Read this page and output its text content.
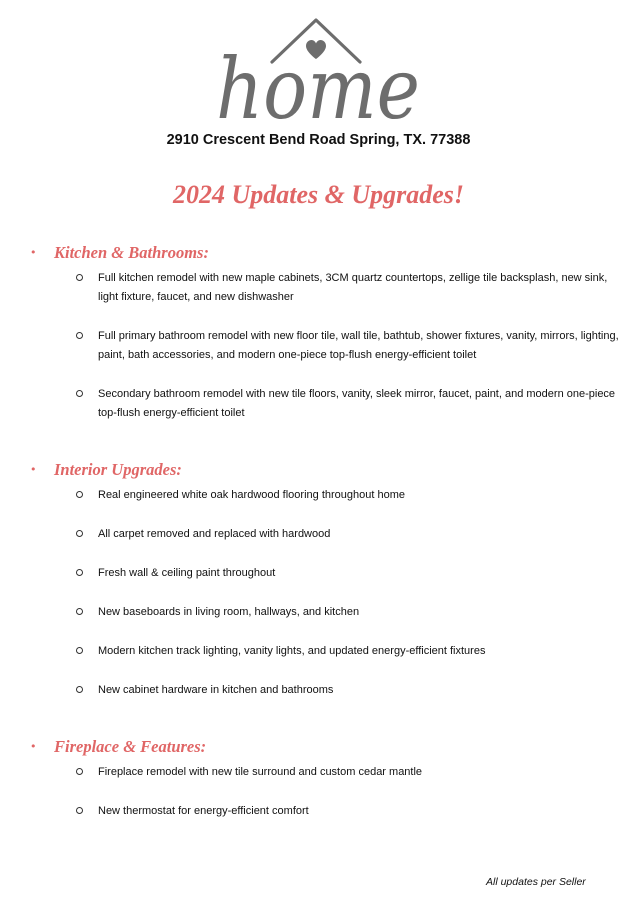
home
2910 Crescent Bend Road Spring, TX. 77388
2024 Updates & Upgrades!
• Kitchen & Bathrooms:
Full kitchen remodel with new maple cabinets, 3CM quartz countertops, zellige tile backsplash, new sink, light fixture, faucet, and new dishwasher
Full primary bathroom remodel with new floor tile, wall tile, bathtub, shower fixtures, vanity, mirrors, lighting, paint, bath accessories, and modern one-piece top-flush energy-efficient toilet
Secondary bathroom remodel with new tile floors, vanity, sleek mirror, faucet, paint, and modern one-piece top-flush energy-efficient toilet
• Interior Upgrades:
Real engineered white oak hardwood flooring throughout home
All carpet removed and replaced with hardwood
Fresh wall & ceiling paint throughout
New baseboards in living room, hallways, and kitchen
Modern kitchen track lighting, vanity lights, and updated energy-efficient fixtures
New cabinet hardware in kitchen and bathrooms
• Fireplace & Features:
Fireplace remodel with new tile surround and custom cedar mantle
New thermostat for energy-efficient comfort
All updates per Seller
